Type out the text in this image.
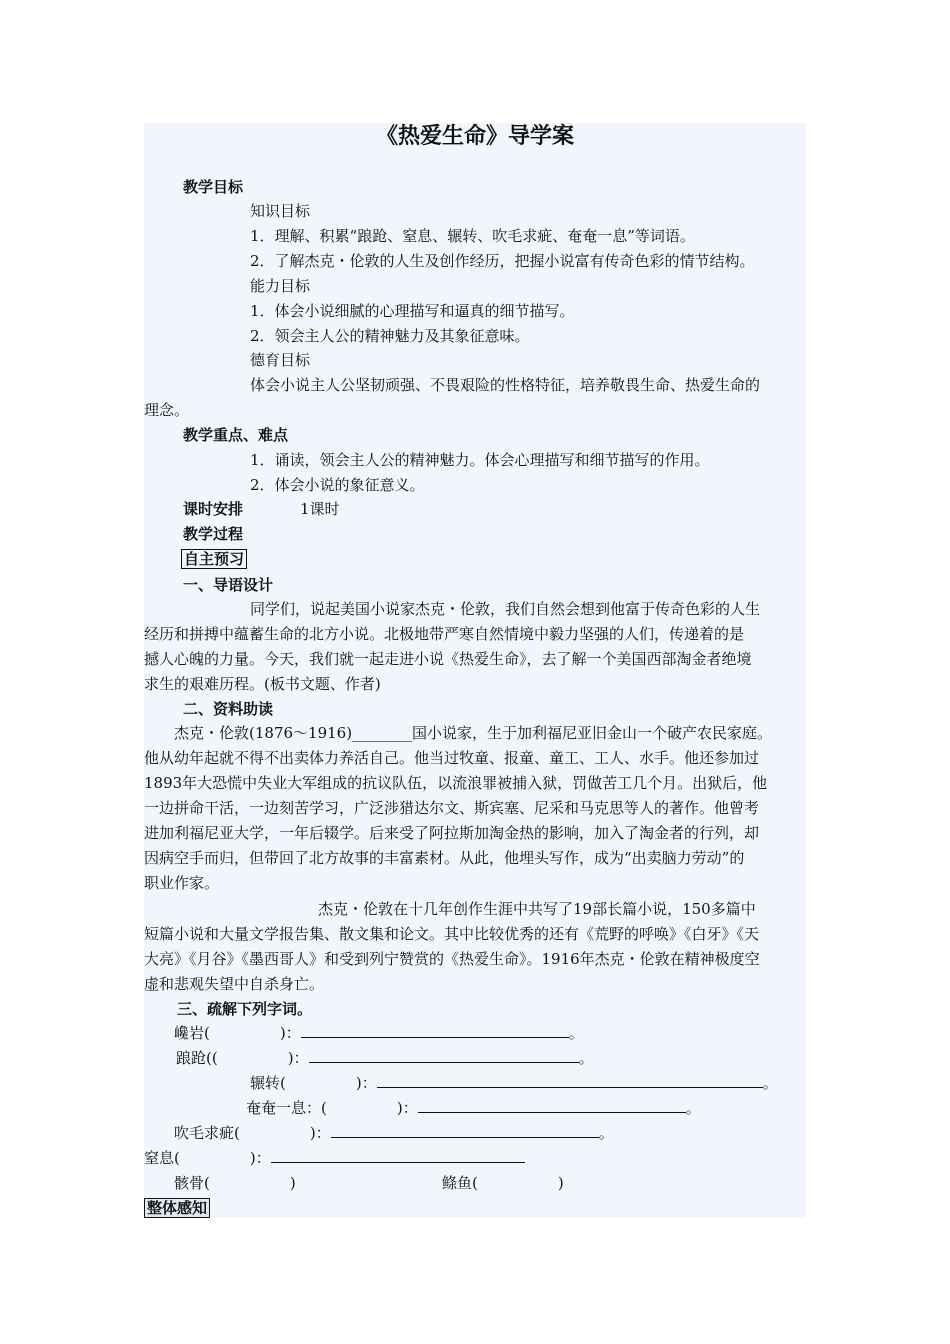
《热爱生命》导学案
教学目标
知识目标
1．理解、积累“踉跄、窒息、辗转、吹毛求疵、奄奄一息”等词语。
2．了解杰克・伦敦的人生及创作经历，把握小说富有传奇色彩的情节结构。
能力目标
1．体会小说细腻的心理描写和逼真的细节描写。
2．领会主人公的精神魅力及其象征意味。
德育目标
体会小说主人公坚韧顽强、不畏艰险的性格特征，培养敬畏生命、热爱生命的
理念。
教学重点、难点
1．诵读，领会主人公的精神魅力。体会心理描写和细节描写的作用。
2．体会小说的象征意义。
课时安排	1课时
教学过程
自主预习
一、导语设计
同学们，说起美国小说家杰克・伦敦，我们自然会想到他富于传奇色彩的人生
经历和拼搏中蕴蓄生命的北方小说。北极地带严寒自然情境中毅力坚强的人们，传递着的是
撼人心魄的力量。今天，我们就一起走进小说《热爱生命》，去了解一个美国西部淘金者绝境
求生的艰难历程。(板书文题、作者)
二、资料助读
杰克・伦敦(1876～1916)________国小说家，生于加利福尼亚旧金山一个破产农民家庭。
他从幼年起就不得不出卖体力养活自己。他当过牧童、报童、童工、工人、水手。他还参加过
1893年大恐慌中失业大军组成的抗议队伍，以流浪罪被捕入狱，罚做苦工几个月。出狱后，他
一边拼命干活，一边刻苦学习，广泛涉猎达尔文、斯宾塞、尼采和马克思等人的著作。他曾考
进加利福尼亚大学，一年后辍学。后来受了阿拉斯加淘金热的影响，加入了淘金者的行列，却
因病空手而归，但带回了北方故事的丰富素材。从此，他埋头写作，成为“出卖脑力劳动”的
职业作家。
杰克・伦敦在十几年创作生涯中共写了19部长篇小说，150多篇中
短篇小说和大量文学报告集、散文集和论文。其中比较优秀的还有《荒野的呼唤》《白牙》《天
大亮》《月谷》《墨西哥人》和受到列宁赞赏的《热爱生命》。1916年杰克・伦敦在精神极度空
虚和悲观失望中自杀身亡。
三、疏解下列字词。
巉岩(	)：	。
踉跄((	)：	。
辗转(	)：	。
奄奄一息：(	)：	。
吹毛求疵(	)：	。
窒息(	)：
骸骨(	)	鲦鱼(	)
整体感知
